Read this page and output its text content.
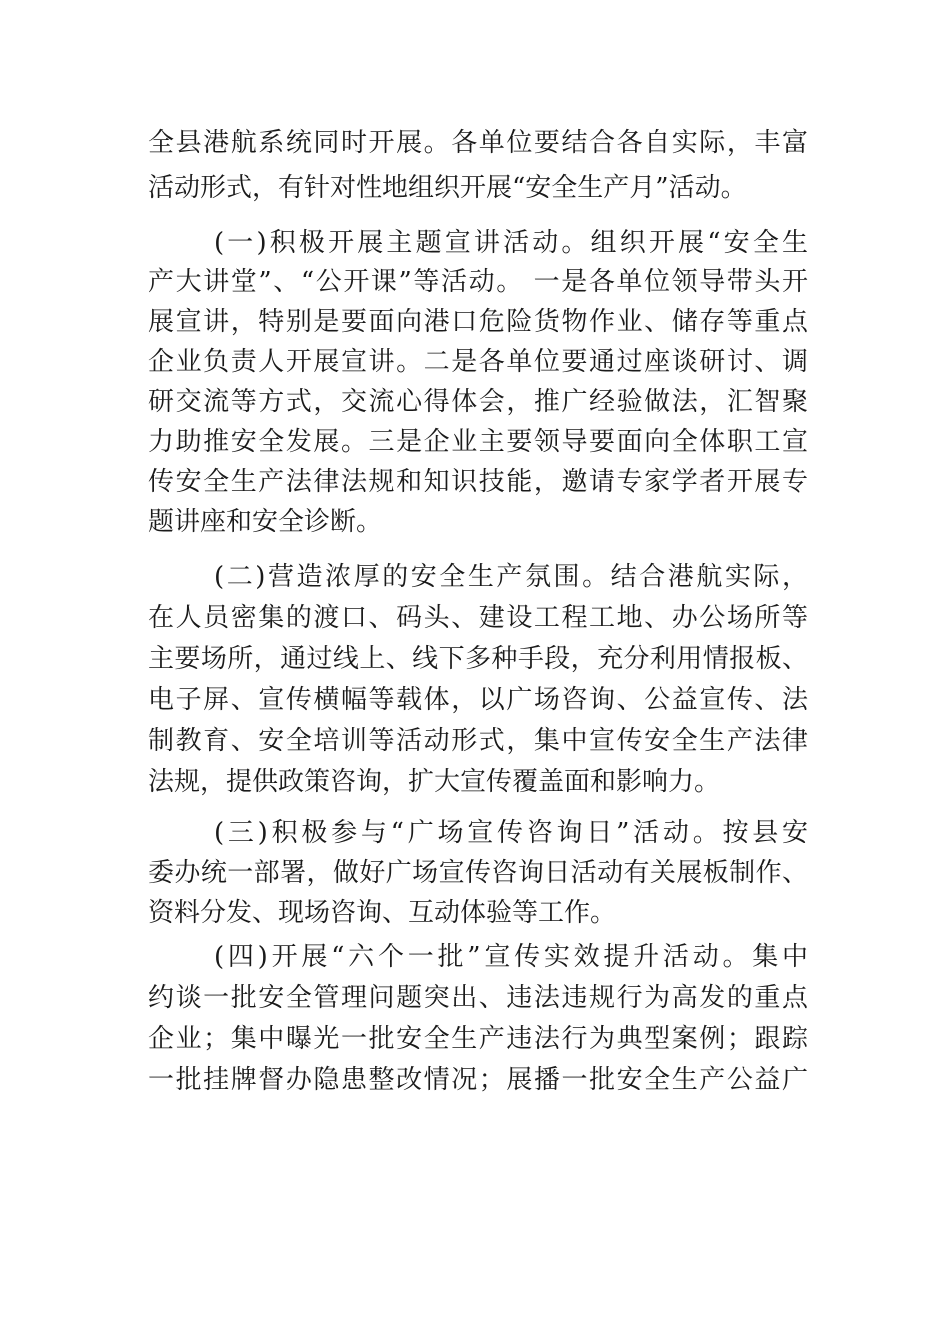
全县港航系统同时开展。各单位要结合各自实际，丰富
活动形式，有针对性地组织开展“安全生产月”活动。
(一)积极开展主题宣讲活动。组织开展“安全生
产大讲堂”、“公开课”等活动。 一是各单位领导带头开
展宣讲，特别是要面向港口危险货物作业、储存等重点
企业负责人开展宣讲。二是各单位要通过座谈研讨、调
研交流等方式，交流心得体会，推广经验做法，汇智聚
力助推安全发展。三是企业主要领导要面向全体职工宣
传安全生产法律法规和知识技能，邀请专家学者开展专
题讲座和安全诊断。
(二)营造浓厚的安全生产氛围。结合港航实际，
在人员密集的渡口、码头、建设工程工地、办公场所等
主要场所，通过线上、线下多种手段，充分利用情报板、
电子屏、宣传横幅等载体，以广场咨询、公益宣传、法
制教育、安全培训等活动形式，集中宣传安全生产法律
法规，提供政策咨询，扩大宣传覆盖面和影响力。
(三)积极参与“广场宣传咨询日”活动。按县安
委办统一部署，做好广场宣传咨询日活动有关展板制作、
资料分发、现场咨询、互动体验等工作。
(四)开展“六个一批”宣传实效提升活动。集中
约谈一批安全管理问题突出、违法违规行为高发的重点
企业；集中曝光一批安全生产违法行为典型案例；跟踪
一批挂牌督办隐患整改情况；展播一批安全生产公益广
